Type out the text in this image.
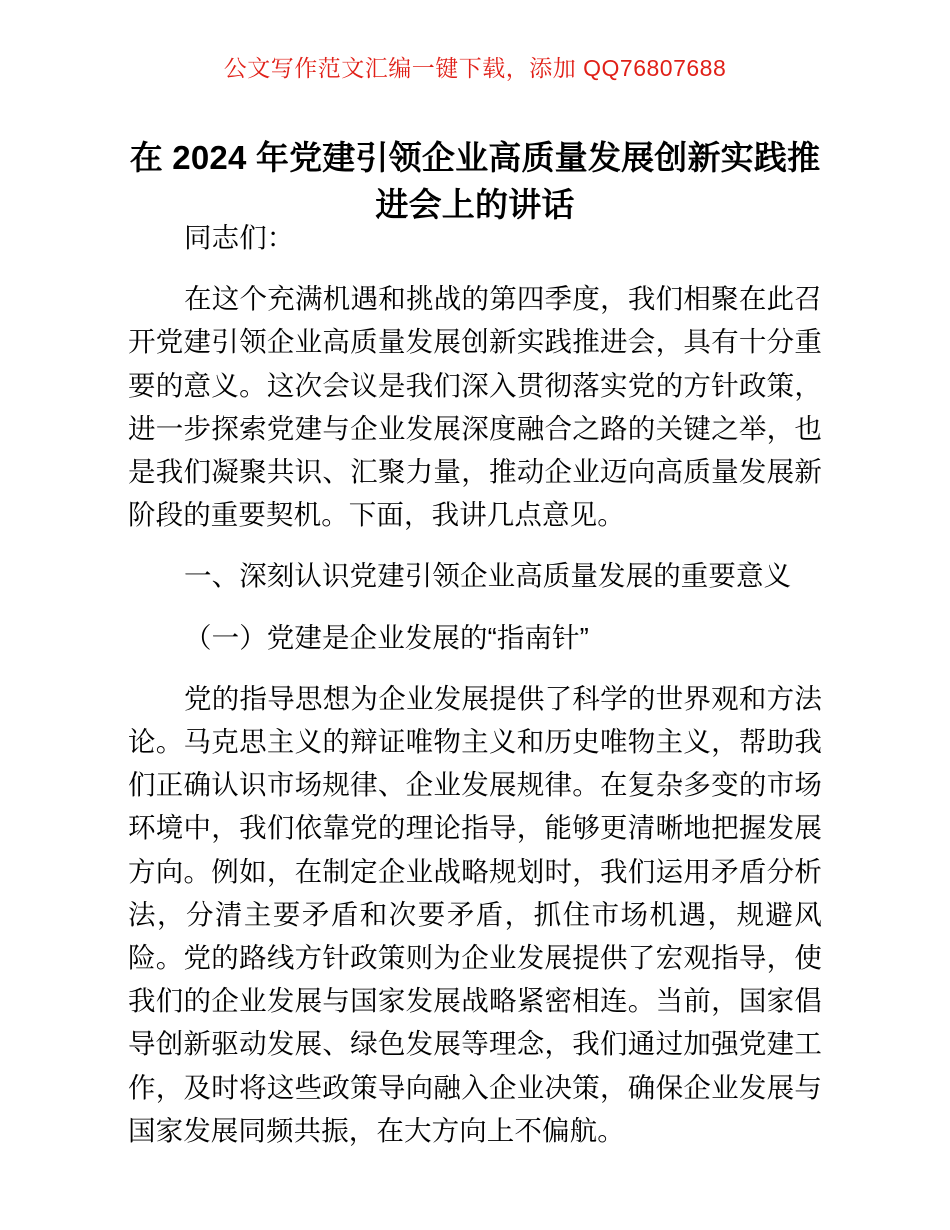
公文写作范文汇编一键下载，添加 QQ76807688
在 2024 年党建引领企业高质量发展创新实践推进会上的讲话

同志们：

在这个充满机遇和挑战的第四季度，我们相聚在此召开党建引领企业高质量发展创新实践推进会，具有十分重要的意义。这次会议是我们深入贯彻落实党的方针政策，进一步探索党建与企业发展深度融合之路的关键之举，也是我们凝聚共识、汇聚力量，推动企业迈向高质量发展新阶段的重要契机。下面，我讲几点意见。

一、深刻认识党建引领企业高质量发展的重要意义

（一）党建是企业发展的“指南针”

党的指导思想为企业发展提供了科学的世界观和方法论。马克思主义的辩证唯物主义和历史唯物主义，帮助我们正确认识市场规律、企业发展规律。在复杂多变的市场环境中，我们依靠党的理论指导，能够更清晰地把握发展方向。例如，在制定企业战略规划时，我们运用矛盾分析法，分清主要矛盾和次要矛盾，抓住市场机遇，规避风险。党的路线方针政策则为企业发展提供了宏观指导，使我们的企业发展与国家发展战略紧密相连。当前，国家倡导创新驱动发展、绿色发展等理念，我们通过加强党建工作，及时将这些政策导向融入企业决策，确保企业发展与国家发展同频共振，在大方向上不偏航。
